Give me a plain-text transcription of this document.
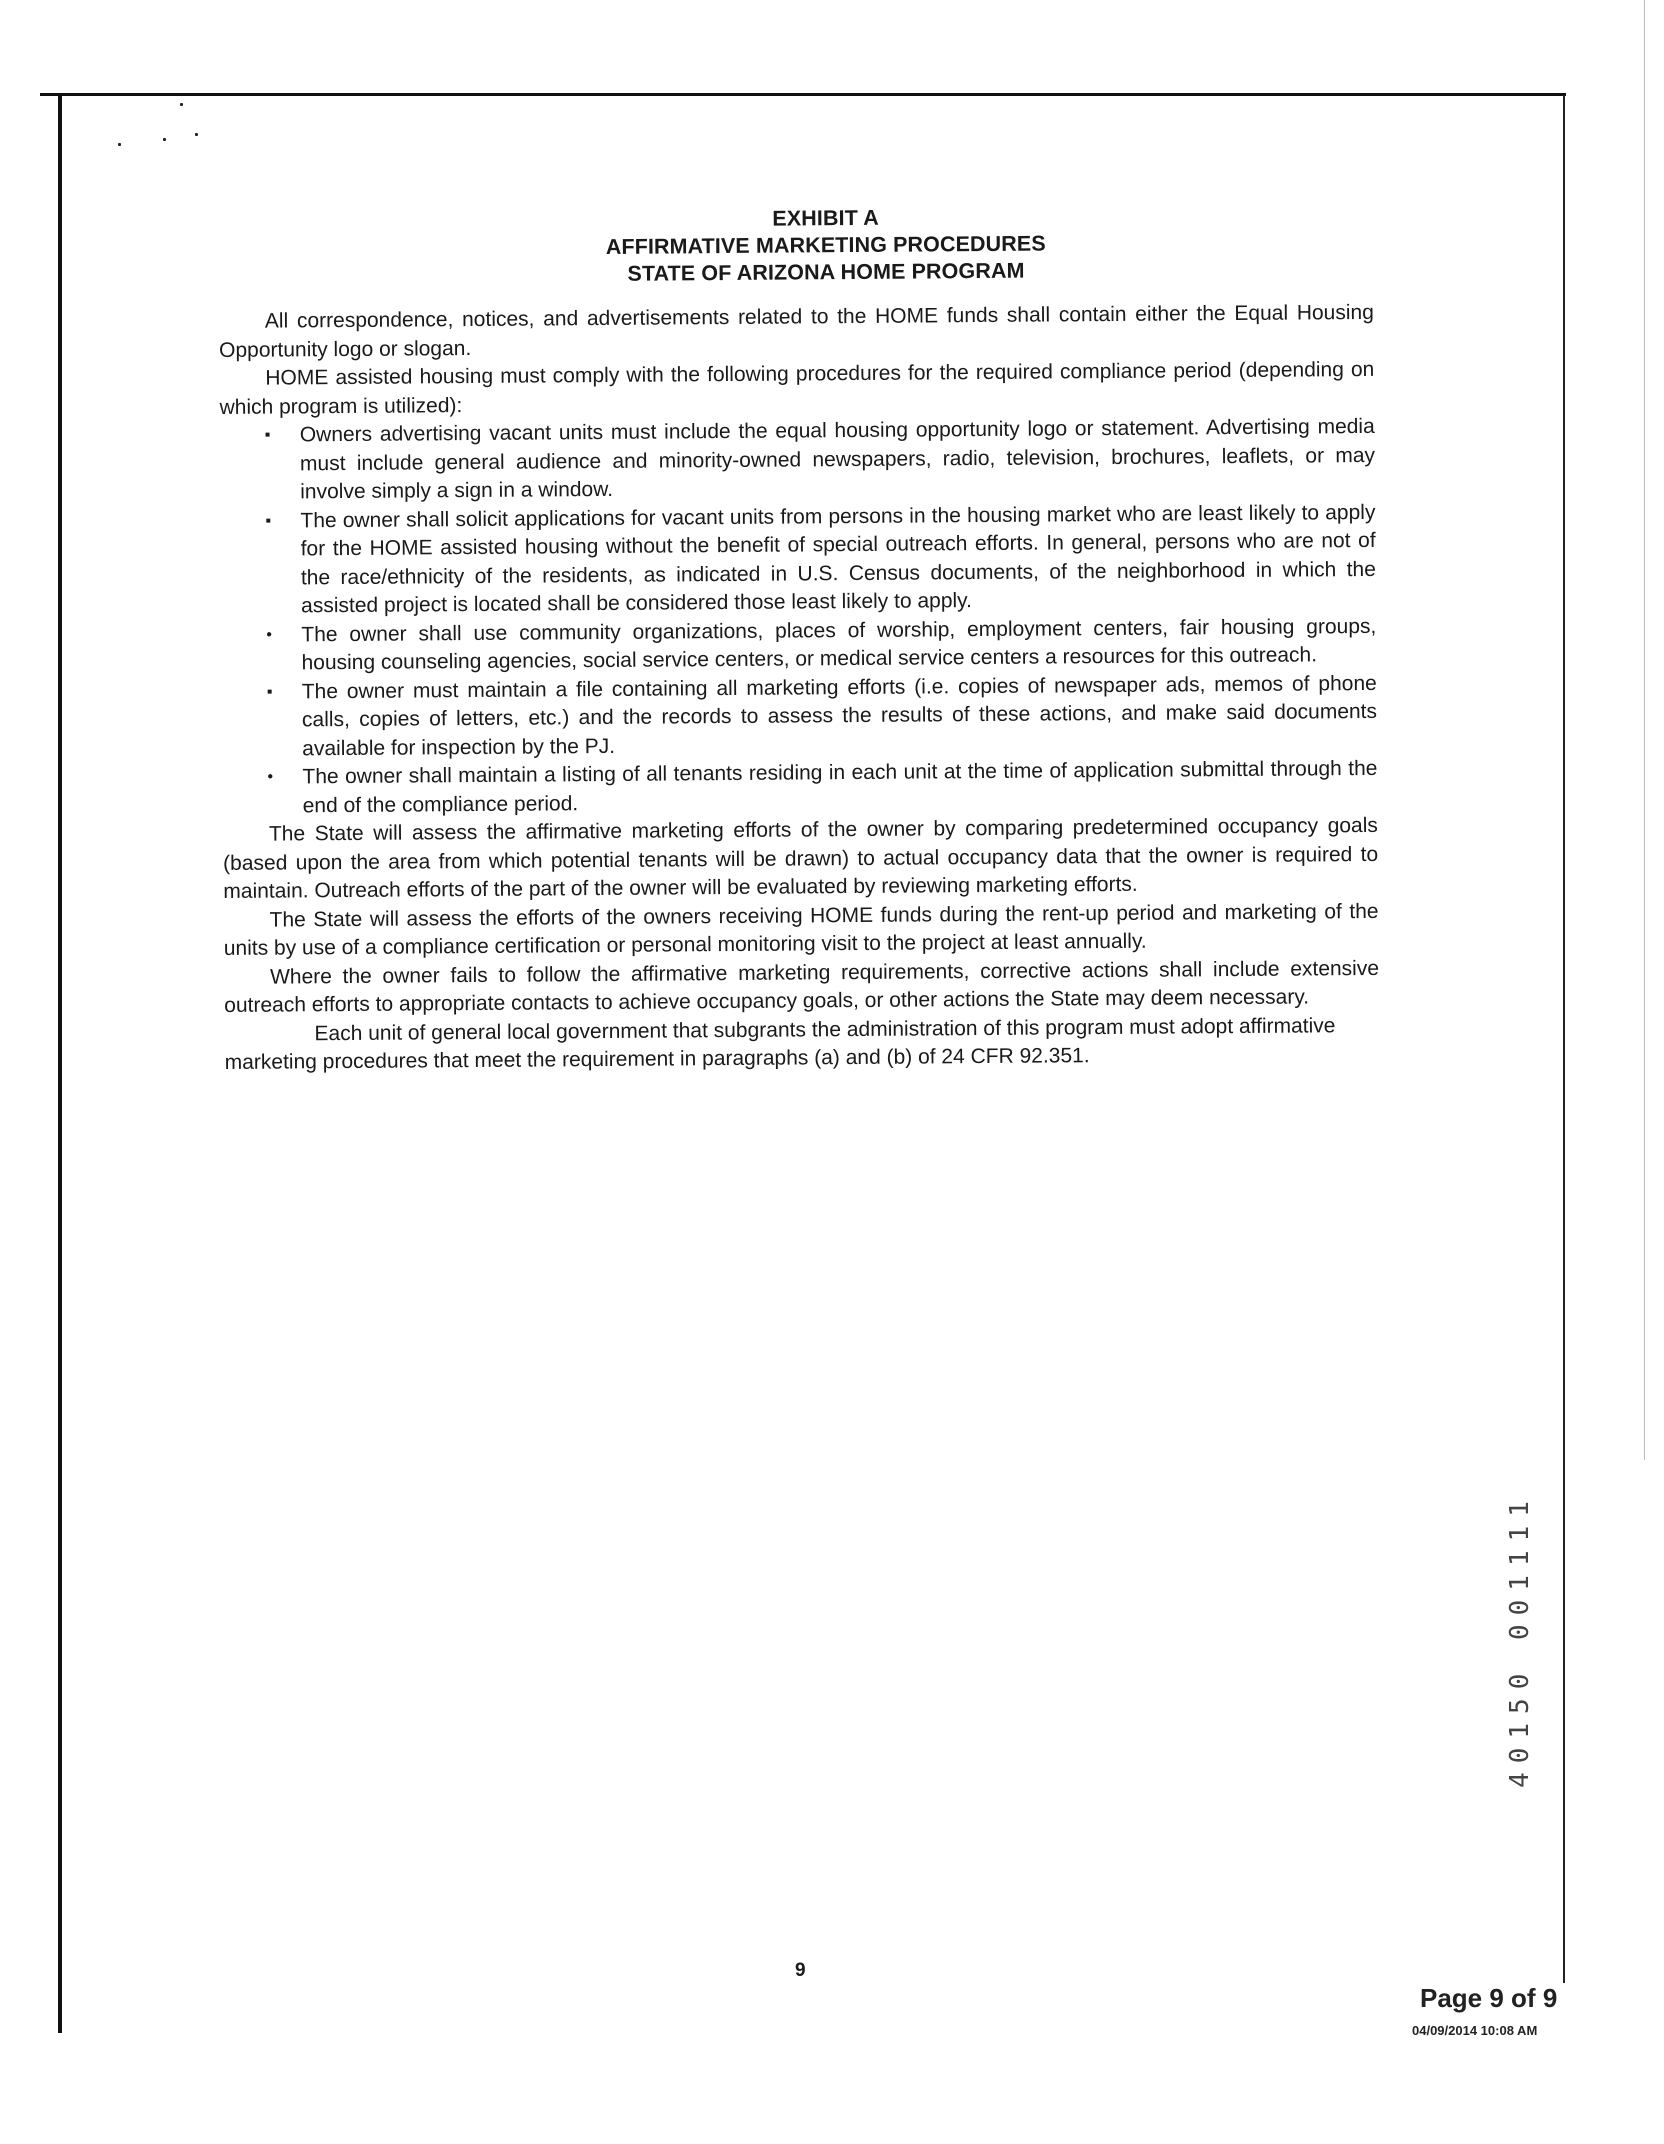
EXHIBIT A
AFFIRMATIVE MARKETING PROCEDURES
STATE OF ARIZONA HOME PROGRAM

All correspondence, notices, and advertisements related to the HOME funds shall contain either the Equal Housing Opportunity logo or slogan.

HOME assisted housing must comply with the following procedures for the required compliance period (depending on which program is utilized):

▪ Owners advertising vacant units must include the equal housing opportunity logo or statement. Advertising media must include general audience and minority-owned newspapers, radio, television, brochures, leaflets, or may involve simply a sign in a window.
▪ The owner shall solicit applications for vacant units from persons in the housing market who are least likely to apply for the HOME assisted housing without the benefit of special outreach efforts. In general, persons who are not of the race/ethnicity of the residents, as indicated in U.S. Census documents, of the neighborhood in which the assisted project is located shall be considered those least likely to apply.
• The owner shall use community organizations, places of worship, employment centers, fair housing groups, housing counseling agencies, social service centers, or medical service centers a resources for this outreach.
▪ The owner must maintain a file containing all marketing efforts (i.e. copies of newspaper ads, memos of phone calls, copies of letters, etc.) and the records to assess the results of these actions, and make said documents available for inspection by the PJ.
• The owner shall maintain a listing of all tenants residing in each unit at the time of application submittal through the end of the compliance period.

The State will assess the affirmative marketing efforts of the owner by comparing predetermined occupancy goals (based upon the area from which potential tenants will be drawn) to actual occupancy data that the owner is required to maintain. Outreach efforts of the part of the owner will be evaluated by reviewing marketing efforts.

The State will assess the efforts of the owners receiving HOME funds during the rent-up period and marketing of the units by use of a compliance certification or personal monitoring visit to the project at least annually.

Where the owner fails to follow the affirmative marketing requirements, corrective actions shall include extensive outreach efforts to appropriate contacts to achieve occupancy goals, or other actions the State may deem necessary.

Each unit of general local government that subgrants the administration of this program must adopt affirmative marketing procedures that meet the requirement in paragraphs (a) and (b) of 24 CFR 92.351.

9
40150 001111
Page 9 of 9
04/09/2014 10:08 AM
